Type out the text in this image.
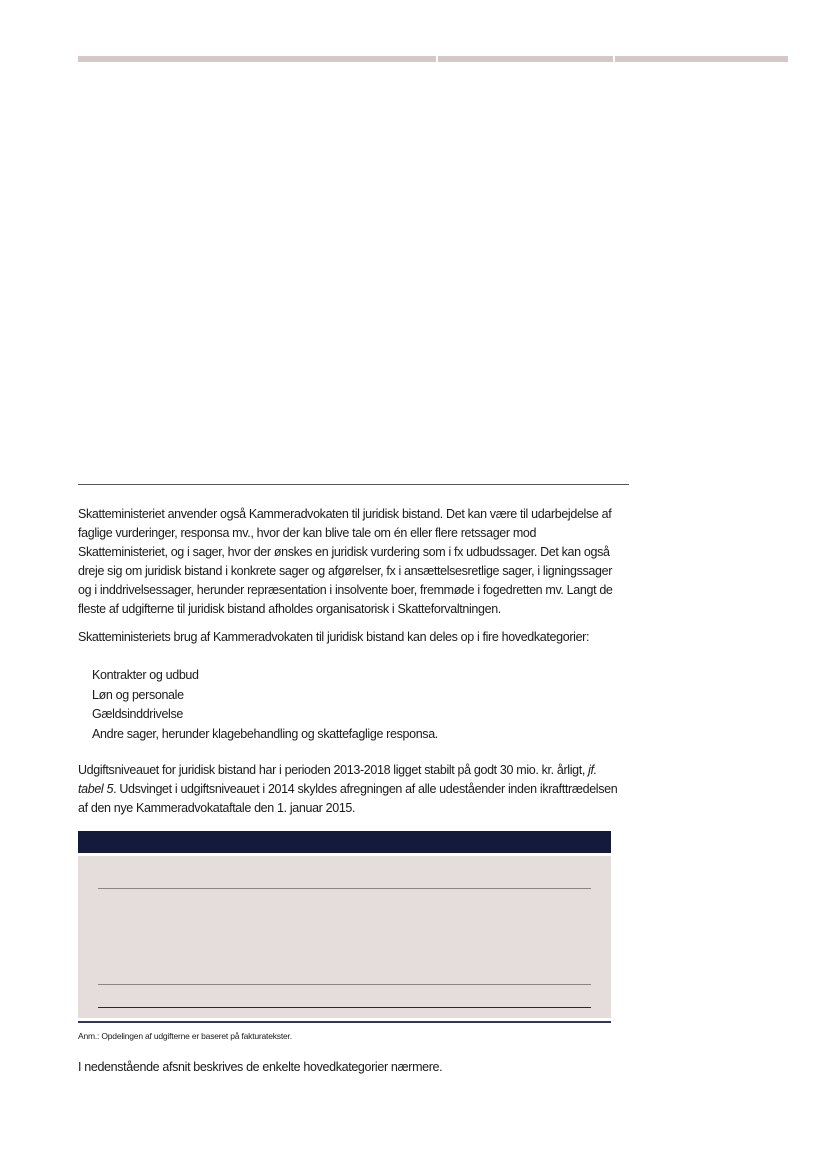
Skatteministeriet anvender også Kammeradvokaten til juridisk bistand. Det kan være til udarbejdelse af faglige vurderinger, responsa mv., hvor der kan blive tale om én eller flere retssager mod Skatteministeriet, og i sager, hvor der ønskes en juridisk vurdering som i fx udbudssager. Det kan også dreje sig om juridisk bistand i konkrete sager og afgørelser, fx i ansættelsesretlige sager, i ligningssager og i inddrivelsessager, herunder repræsentation i insolvente boer, fremmøde i fogedretten mv. Langt de fleste af udgifterne til juridisk bistand afholdes organisatorisk i Skatteforvaltningen.

Skatteministeriets brug af Kammeradvokaten til juridisk bistand kan deles op i fire hovedkategorier:

Kontrakter og udbud
Løn og personale
Gældsinddrivelse
Andre sager, herunder klagebehandling og skattefaglige responsa.

Udgiftsniveauet for juridisk bistand har i perioden 2013-2018 ligget stabilt på godt 30 mio. kr. årligt, jf. tabel 5. Udsvinget i udgiftsniveauet i 2014 skyldes afregningen af alle udeståender inden ikrafttrædelsen af den nye Kammeradvokataftale den 1. januar 2015.

Anm.: Opdelingen af udgifterne er baseret på fakturatekster.

I nedenstående afsnit beskrives de enkelte hovedkategorier nærmere.
